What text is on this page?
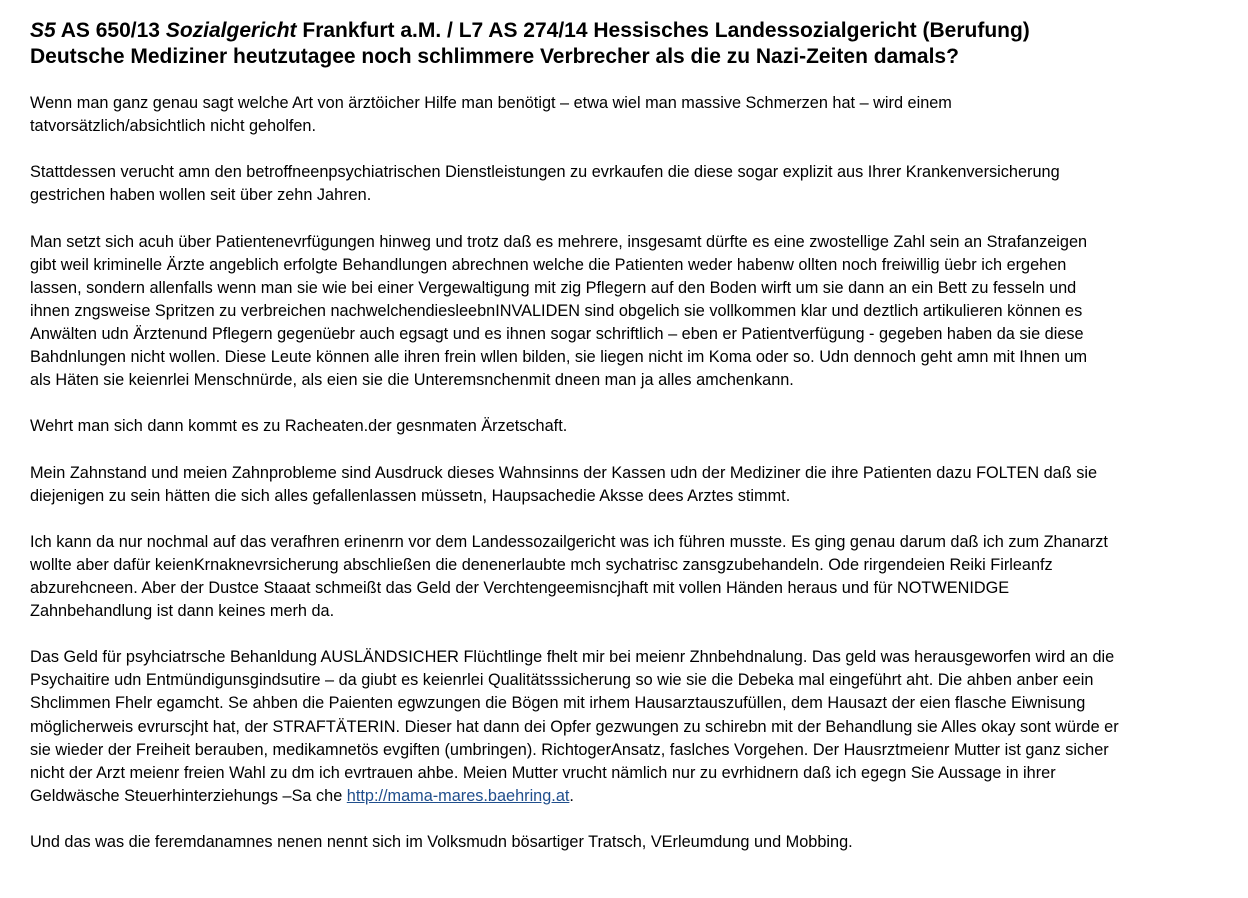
S5 AS 650/13 Sozialgericht Frankfurt a.M. / L7 AS 274/14 Hessisches Landessozialgericht (Berufung)
Deutsche Mediziner heutzutagee noch schlimmere Verbrecher als die zu Nazi-Zeiten damals?

Wenn man ganz genau sagt welche Art von ärztöicher Hilfe man benötigt – etwa wiel man massive Schmerzen hat – wird einem
tatvorsätzlich/absichtlich nicht geholfen.

Stattdessen verucht amn den betroffneenpsychiatrischen Dienstleistungen zu evrkaufen die diese sogar explizit aus Ihrer Krankenversicherung
gestrichen haben wollen seit über zehn Jahren.

Man setzt sich acuh über Patientenevrfügungen hinweg und trotz daß es mehrere, insgesamt dürfte es eine zwostellige Zahl sein an Strafanzeigen
gibt weil kriminelle Ärzte angeblich erfolgte Behandlungen abrechnen welche die Patienten weder habenw ollten noch freiwillig üebr ich ergehen
lassen, sondern allenfalls wenn man sie wie bei einer Vergewaltigung mit zig Pflegern auf den Boden wirft um sie dann an ein Bett zu fesseln und
ihnen zngsweise Spritzen zu verbreichen nachwelchendiesleebnINVALIDEN sind obgelich sie vollkommen klar und deztlich artikulieren können es
Anwälten udn Ärztenund Pflegern gegenüebr auch egsagt und es ihnen sogar schriftlich – eben er Patientverfügung - gegeben haben da sie diese
Bahdnlungen nicht wollen. Diese Leute können alle ihren frein wllen bilden, sie liegen nicht im Koma oder so. Udn dennoch geht amn mit Ihnen um
als Häten sie keienrlei Menschnürde, als eien sie die Unteremsnchenmit dneen man ja alles amchenkann.

Wehrt man sich dann kommt es zu Racheaten.der gesnmaten Ärzetschaft.

Mein Zahnstand und meien Zahnprobleme sind Ausdruck dieses Wahnsinns der Kassen udn der Mediziner die ihre Patienten dazu FOLTEN daß sie
diejenigen zu sein hätten die sich alles gefallenlassen müssetn, Haupsachedie Aksse dees Arztes stimmt.

Ich kann da nur nochmal auf das verafhren erinenrn vor dem Landessozailgericht was ich führen musste. Es ging genau darum daß ich zum Zhanarzt
wollte aber dafür keienKrnaknevrsicherung abschließen die denenerlaubte mch sychatrisc zansgzubehandeln. Ode rirgendeien Reiki Firleanfz
abzurehcneen. Aber der Dustce Staaat schmeißt das Geld der Verchtengeemisncjhaft mit vollen Händen heraus und für NOTWENIDGE
Zahnbehandlung ist dann keines merh da.

Das Geld für psyhciatrsche Behanldung AUSLÄNDSICHER Flüchtlinge fhelt mir bei meienr Zhnbehdnalung. Das geld was herausgeworfen wird an die
Psychaitire udn Entmündigunsgindsutire – da giubt es keienrlei Qualitätsssicherung so wie sie die Debeka mal eingeführt aht. Die ahben anber eein
Shclimmen Fhelr egamcht. Se ahben die Paienten egwzungen die Bögen mit irhem Hausarztauszufüllen, dem Hausazt der eien flasche Eiwnisung
möglicherweis evrurscjht hat, der STRAFTÄTERIN. Dieser hat dann dei Opfer gezwungen zu schirebn mit der Behandlung sie Alles okay sont würde er
sie wieder der Freiheit berauben, medikamnetös evgiften (umbringen). RichtogerAnsatz, faslches Vorgehen. Der Hausrztmeienr Mutter ist ganz sicher
nicht der Arzt meienr freien Wahl zu dm ich evrtrauen ahbe. Meien Mutter vrucht nämlich nur zu evrhidnern daß ich egegn Sie Aussage in ihrer
Geldwäsche Steuerhinterziehungs –Sa che http://mama-mares.baehring.at.

Und das was die feremdanamnes nenen nennt sich im Volksmudn bösartiger Tratsch, VErleumdung und Mobbing.
